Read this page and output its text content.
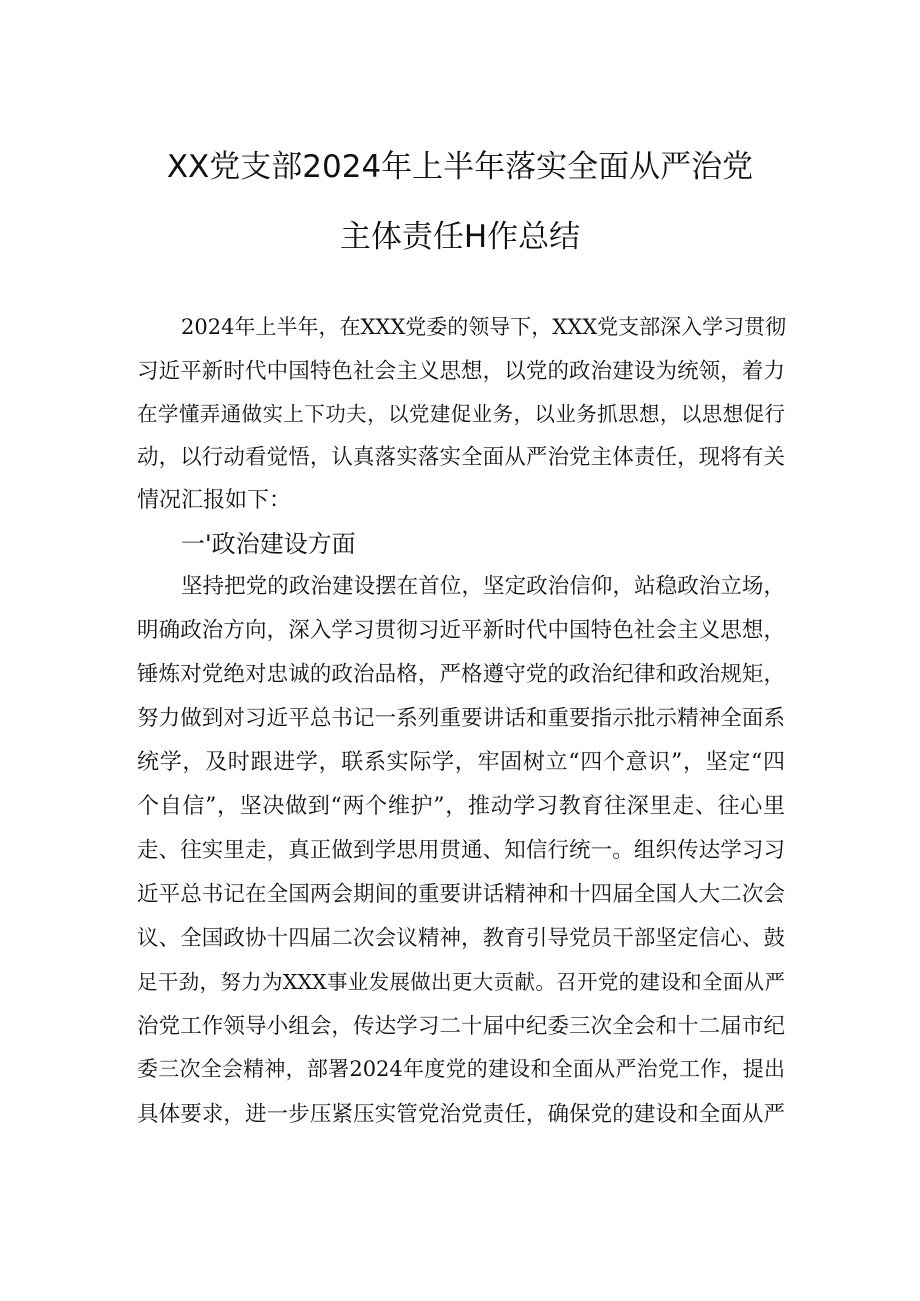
XX党支部2024年上半年落实全面从严治党
主体责任H作总结
2024年上半年，在XXX党委的领导下，XXX党支部深入学习贯彻
习近平新时代中国特色社会主义思想，以党的政治建设为统领，着力
在学懂弄通做实上下功夫，以党建促业务，以业务抓思想，以思想促行
动，以行动看觉悟，认真落实落实全面从严治党主体责任，现将有关
情况汇报如下：
一'政治建设方面
坚持把党的政治建设摆在首位，坚定政治信仰，站稳政治立场，
明确政治方向，深入学习贯彻习近平新时代中国特色社会主义思想，
锤炼对党绝对忠诚的政治品格，严格遵守党的政治纪律和政治规矩，
努力做到对习近平总书记一系列重要讲话和重要指示批示精神全面系
统学，及时跟进学，联系实际学，牢固树立“四个意识”，坚定“四
个自信”，坚决做到“两个维护”，推动学习教育往深里走、往心里
走、往实里走，真正做到学思用贯通、知信行统一。组织传达学习习
近平总书记在全国两会期间的重要讲话精神和十四届全国人大二次会
议、全国政协十四届二次会议精神，教育引导党员干部坚定信心、鼓
足干劲，努力为XXX事业发展做出更大贡献。召开党的建设和全面从严
治党工作领导小组会，传达学习二十届中纪委三次全会和十二届市纪
委三次全会精神，部署2024年度党的建设和全面从严治党工作，提出
具体要求，进一步压紧压实管党治党责任，确保党的建设和全面从严
